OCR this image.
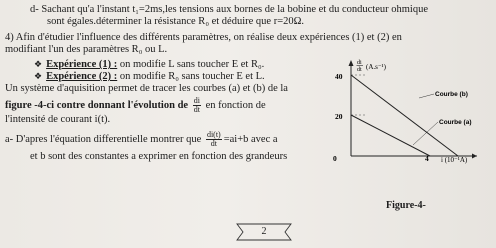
d- Sachant qu'a l'instant t₁=2ms,les tensions aux bornes de la bobine et du conducteur ohmique
sont égales.déterminer la résistance R₀ et déduire que r=20Ω.
4) Afin d'étudier l'influence des différents paramètres, on réalise deux expériences (1) et (2) en
modifiant l'un des paramètres R₀ ou L.
❖ Expérience (1) : on modifie L sans toucher E et R₀.
❖ Expérience (2) : on modifie R₀ sans toucher E et L.
Un système d'aquisition permet de tracer les courbes (a) et (b) de la
figure -4-ci contre donnant l'évolution de $\frac{di}{dt}$ en fonction de
l'intensité de courant i(t).
a- D'apres l'équation differentielle montrer que $\frac{di(t)}{dt} =ai+b$ avec a
et b sont des constantes a exprimer en fonction des grandeurs
2
di
dt (A.s⁻¹)
40
20
0	4 i (10⁻¹A)
Courbe (b)
Courbe (a)
Figure-4-
